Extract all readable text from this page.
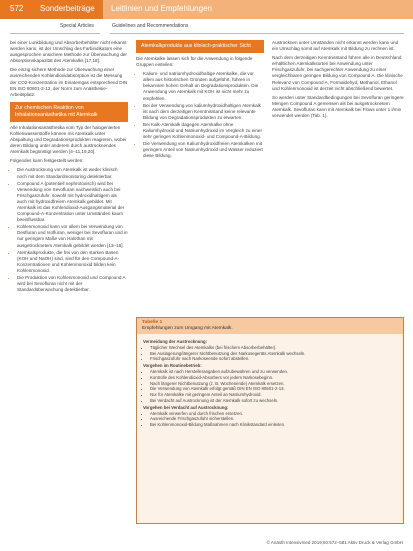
572 Sonderbeiträge Leitlinien und Empfehlungen
Special Articles	Guidelines and Recommendations

bei einer Lunkbildung und Absorberbehälter nicht erkannt werden kann, ist der Umschlag des Farbindikators eine ausgesprochen unsichere Methode zur Überwachung der Absorptionskapazität des Atemkalks [17,18].

Die einzig sichere Methode zur Überwachung einer ausreichenden Kohlendioxidabsorption ist die Messung der CO2-Konzentration im Einatemgas entsprechend DIN EN ISO 80601-2-13, der Norm zum Anästhesie-Arbeitsplatz.

Zur chemischen Reaktion von Inhalationsanästhetika mit Atemkalk

Alle Inhalationsanästhetika vom Typ der halogenierten Kohlenwasserstoffe können mit Atemkalk unter Abspaltung und Degradationsprodukten reagieren, wobei deren Bildung unter anderem durch austrocknendes Atemkalk begünstigt werden [4–11,19,20].

Folgendes kann festgestellt werden:

• Die Austrocknung von Atemkalk ist weder klinisch noch mit dem Standardmonitoring detektierbar.
• Compound A (potentiell nephrotoxisch) wird bei Verwendung von Sevofluran nachweislich auch bei Frischgaszufuhr, sowohl mit hydroxidhaltigem als auch mit hydroxidfreiem Atemkalk gebildet. Mit Atemkalk ist das Kohlendioxid-Ausgangsmaterial der Compound-A-Konzentration unter Umständen kaum beeinflussbar.
• Kohlenmonoxid kann vor allem bei Verwendung von Desfluran und Isofluran, weniger bei Sevofluran und in nur geringem Maße von Halothan mit ausgetrocknetem Atemkalk gebildet werden [13–18].
• Atemkalkprodukte, die frei von den starken Basen (KOH und NaOH) sind, sind für den Compound-A-Konzentrationen und Kohlenmonoxid bilden kein Kohlenmonoxid.
• Die Produktion von Kohlenmonoxid und Compound A wird bei Sevofluran nicht mit der Standardüberwachung detektierbar.
Atemkalkprodukte aus klinisch-praktischer Sicht

Die Atemkalke lassen sich für die Anwendung in folgende Gruppen einteilen:

• Kalium- und natriumhydroxidhaltige Atemkalke, die vor allem aus historischen Gründen aufgeführt, führen in bekannten hohen Gehalt an Degradationsprodukten. Die Anwendung von Atemkalk mit KOH ist nicht mehr zu empfehlen.
• Bei der Verwendung von kaliumhydroxidhaltigen Atemkalk ist nach dem derzeitigen Kenntnisstand keine relevante Bildung von Degradationsprodukten zu erwarten.
• Bei Kalk-Atemkalk dagegen Atemkalke ohne Kaliumhydroxid und Natriumhydroxid im Vergleich zu einer sehr geringen Kohlenmonoxid- und Compound-A-Bildung.
• Die Verwendung von Kaliumhydroxidfreien Atemkalken mit geringem Anteil von Natriumhydroxid und Wasser reduziert diese Bildung.

Austrocknen unter Umständen nicht erkannt werden kann und ein Umschlag somit auf Atemkalk mit Bildung zu rechnen ist.

Nach dem derzeitigen Kenntnisstand führen alle in Deutschland erhältlichen Atemkalksorten bei Anwendung unter Frischgaszufuhr, bei sachgerechter Anwendung zu einer vergleichbaren geringen Bildung von Compound A. Die klinische Relevanz von Compound A, Formaldehyd, Methanol, Ethanol und Kohlenmonoxid ist derzeit nicht abschließend bewertet.

So werden unter Standardbedingungen bei Sevofluran geringere Mengen Compound A gemessen als bei ausgetrocknetem Atemkalk. Sevofluran kann mit Atemkalk bei Flows unter 1 l/min verwendet werden (Tab. 1).

Tabelle 1
Empfehlungen zum Umgang mit Atemkalk.
Vermeidung der Austrocknung:
• Täglicher Wechsel des Atemkalks (bei frischem Absorberbehälter).
• Bei Auslagerung/längerer Nichtbenutzung des Narkosegeräts Atemkalk wechseln.
• Frischgaszufuhr nach Narkoseende sofort abstellen.
Vorgehen im Routinebetrieb:
• Atemkalk ist nach Herstellerangaben aufzubewahren und zu verwenden.
• Kontrolle des Kohlendioxid-Absorbers vor jedem Narkosebeginn.
• Nach längerer Nichtbenutzung (z. B. Wochenende) Atemkalk ersetzen.
• Die Verwendung von Atemkalk erfolgt gemäß DIN EN ISO 80601-2-13.
• Nur für Atemkalke mit geringem Anteil an Natriumhydroxid.
• Bei Verdacht auf Austrocknung ist der Atemkalk sofort zu wechseln.
Vorgehen bei Verdacht auf Austrocknung:
• Atemkalk verwerfen und durch frischen ersetzen.
• Ausreichende Frischgaszufuhr sicherstellen.
• Bei Kohlenmonoxid-Bildung Maßnahmen nach Klinikstandard einleiten.
© Anästh Intensivmed 2019;60:572–581 Aktiv Druck & Verlag GmbH
